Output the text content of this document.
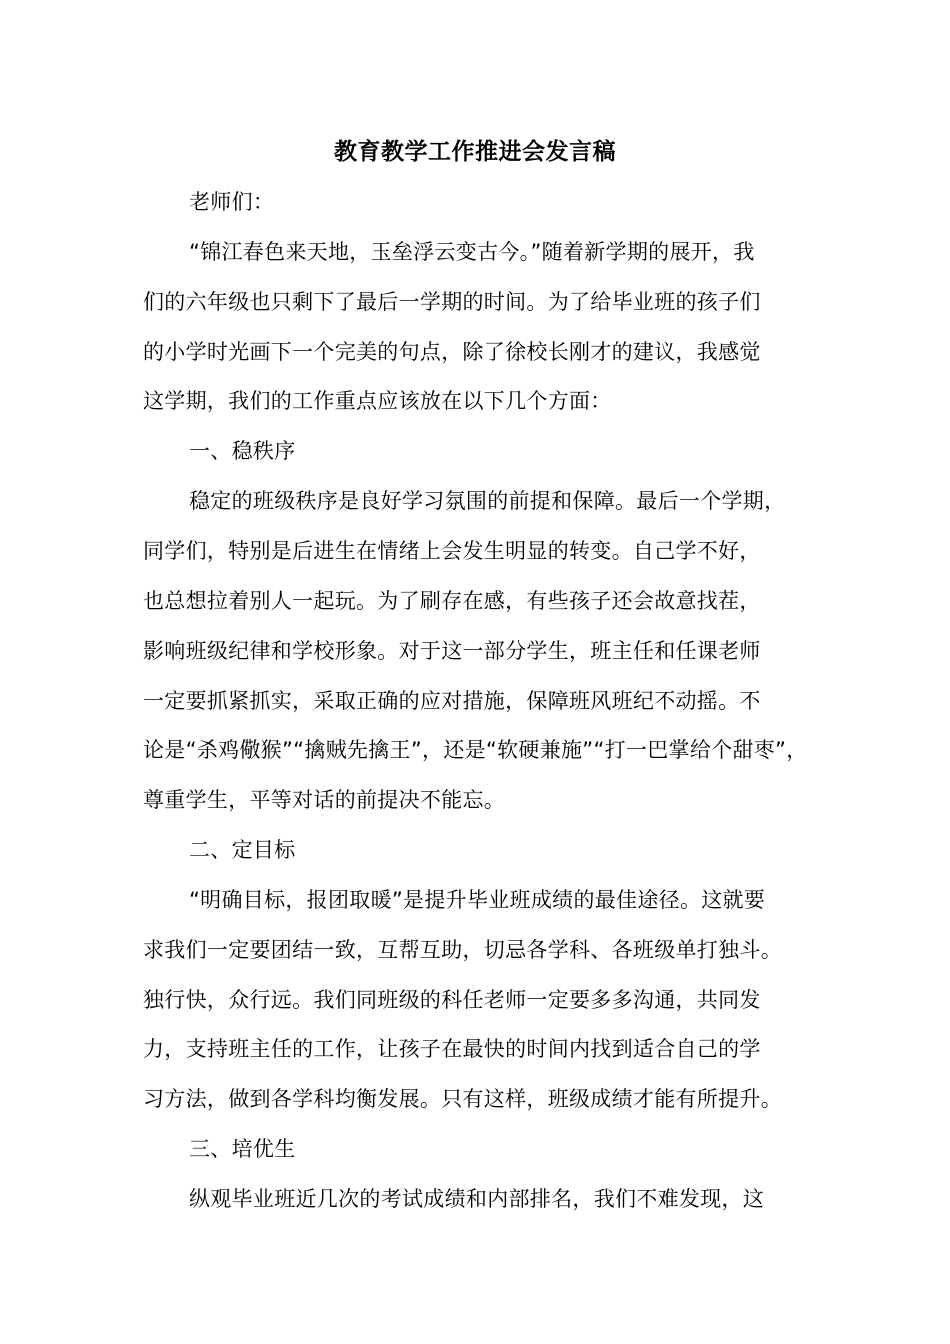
教育教学工作推进会发言稿
老师们：
“锦江春色来天地，玉垒浮云变古今。”随着新学期的展开，我
们的六年级也只剩下了最后一学期的时间。为了给毕业班的孩子们
的小学时光画下一个完美的句点，除了徐校长刚才的建议，我感觉
这学期，我们的工作重点应该放在以下几个方面：
一、稳秩序
稳定的班级秩序是良好学习氛围的前提和保障。最后一个学期，
同学们，特别是后进生在情绪上会发生明显的转变。自己学不好，
也总想拉着别人一起玩。为了刷存在感，有些孩子还会故意找茬，
影响班级纪律和学校形象。对于这一部分学生，班主任和任课老师
一定要抓紧抓实，采取正确的应对措施，保障班风班纪不动摇。不
论是“杀鸡儆猴”“擒贼先擒王”，还是“软硬兼施”“打一巴掌给个甜枣”，
尊重学生，平等对话的前提决不能忘。
二、定目标
“明确目标，报团取暖”是提升毕业班成绩的最佳途径。这就要
求我们一定要团结一致，互帮互助，切忌各学科、各班级单打独斗。
独行快，众行远。我们同班级的科任老师一定要多多沟通，共同发
力，支持班主任的工作，让孩子在最快的时间内找到适合自己的学
习方法，做到各学科均衡发展。只有这样，班级成绩才能有所提升。
三、培优生
纵观毕业班近几次的考试成绩和内部排名，我们不难发现，这
